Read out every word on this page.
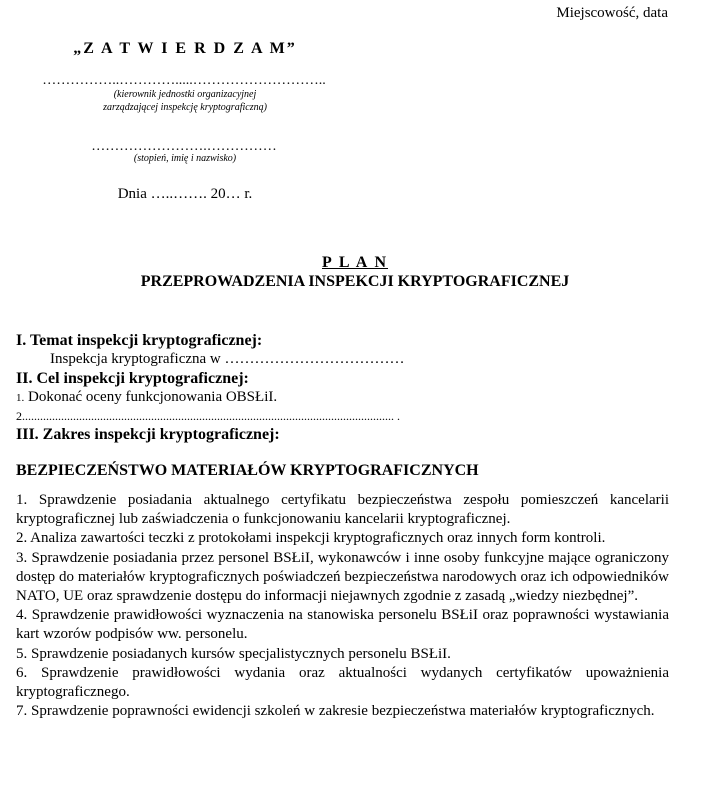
Miejscowość, data
„Z A T W I E R D Z A M”
……………..………….....………………………..
(kierownik jednostki organizacyjnej
zarządzającej inspekcję kryptograficzną)
…………………….……………
(stopień, imię i nazwisko)
Dnia …..……. 20… r.
P L A N
PRZEPROWADZENIA INSPEKCJI KRYPTOGRAFICZNEJ
I. Temat inspekcji kryptograficznej:
Inspekcja kryptograficzna w ………………………………
II. Cel inspekcji kryptograficznej:
1. Dokonać oceny funkcjonowania OBSŁiI.
2............................................................................................................................ .
III. Zakres inspekcji kryptograficznej:
BEZPIECZEŃSTWO MATERIAŁÓW KRYPTOGRAFICZNYCH
1. Sprawdzenie posiadania aktualnego certyfikatu bezpieczeństwa zespołu pomieszczeń kancelarii kryptograficznej lub zaświadczenia o funkcjonowaniu kancelarii kryptograficznej.
2. Analiza zawartości teczki z protokołami inspekcji kryptograficznych oraz innych form kontroli.
3. Sprawdzenie posiadania przez personel BSŁiI, wykonawców i inne osoby funkcyjne mające ograniczony dostęp do materiałów kryptograficznych poświadczeń bezpieczeństwa narodowych oraz ich odpowiedników NATO, UE oraz sprawdzenie dostępu do informacji niejawnych zgodnie z zasadą „wiedzy niezbędnej”.
4. Sprawdzenie prawidłowości wyznaczenia na stanowiska personelu BSŁiI oraz poprawności wystawiania kart wzorów podpisów ww. personelu.
5. Sprawdzenie posiadanych kursów specjalistycznych personelu BSŁiI.
6. Sprawdzenie prawidłowości wydania oraz aktualności wydanych certyfikatów upoważnienia kryptograficznego.
7. Sprawdzenie poprawności ewidencji szkoleń w zakresie bezpieczeństwa materiałów kryptograficznych.
